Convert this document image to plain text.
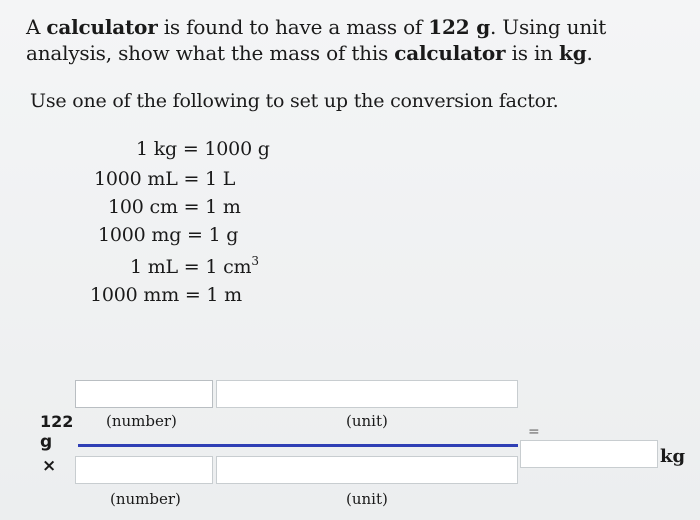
A calculator is found to have a mass of 122 g. Using unit analysis, show what the mass of this calculator is in kg.
Use one of the following to set up the conversion factor.
1 kg = 1000 g
1000 mL = 1 L
100 cm = 1 m
1000 mg = 1 g
1 mL = 1 $cm^3$
1000 mm = 1 m
122
g
×
(number)	(unit)
=
kg
(number)	(unit)
